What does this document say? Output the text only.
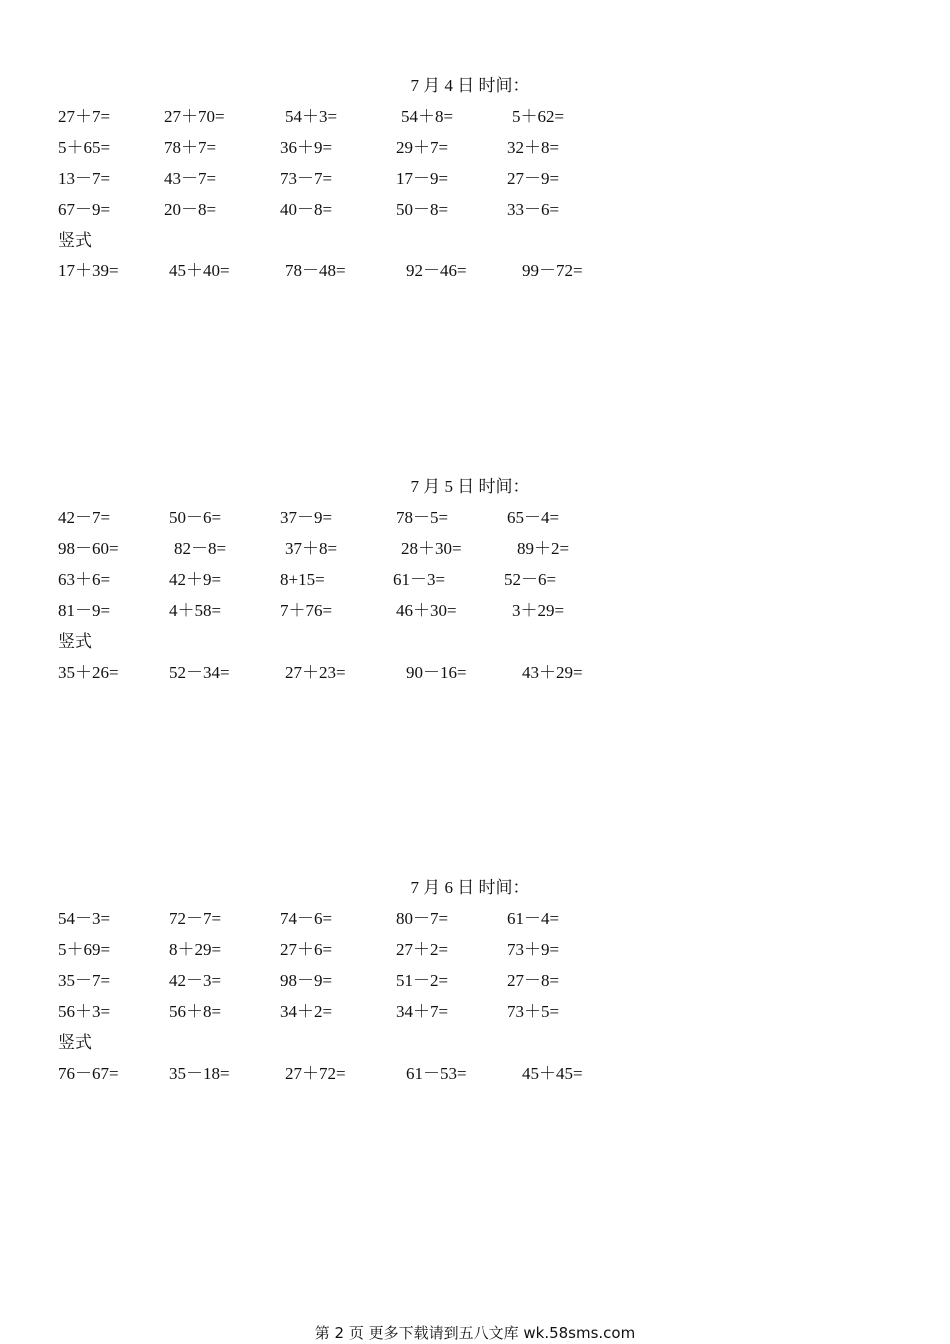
7 月 4 日 时间：
27＋7=	27＋70=	54＋3=	54＋8=	5＋62=
5＋65=	78＋7=	36＋9=	29＋7=	32＋8=
13－7=	43－7=	73－7=	17－9=	27－9=
67－9=	20－8=	40－8=	50－8=	33－6=
竖式
17＋39=	45＋40=	78－48=	92－46=	99－72=
7 月 5 日 时间：
42－7=	50－6=	37－9=	78－5=	65－4=
98－60=	82－8=	37＋8=	28＋30=	89＋2=
63＋6=	42＋9=	8+15=	61－3=	52－6=
81－9=	4＋58=	7＋76=	46＋30=	3＋29=
竖式
35＋26=	52－34=	27＋23=	90－16=	43＋29=
7 月 6 日 时间：
54－3=	72－7=	74－6=	80－7=	61－4=
5＋69=	8＋29=	27＋6=	27＋2=	73＋9=
35－7=	42－3=	98－9=	51－2=	27－8=
56＋3=	56＋8=	34＋2=	34＋7=	73＋5=
竖式
76－67=	35－18=	27＋72=	61－53=	45＋45=
第 2 页 更多下载请到五八文库 wk.58sms.com
